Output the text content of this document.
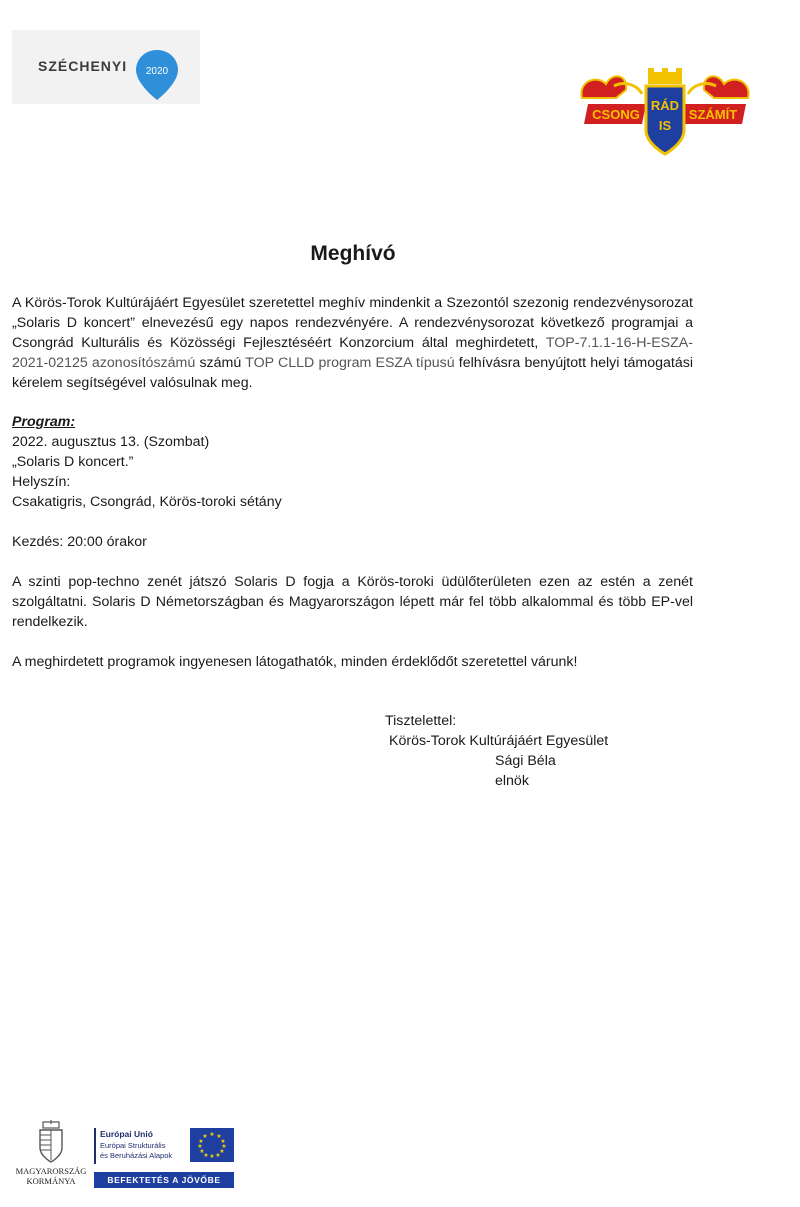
SZÉCHENYI 2020
CSONG
RÁD
IS
SZÁMÍT
Meghívó
A Körös-Torok Kultúrájáért Egyesület szeretettel meghív mindenkit a Szezontól szezonig rendezvénysorozat „Solaris D koncert” elnevezésű egy napos rendezvényére. A rendezvénysorozat következő programjai a Csongrád Kulturális és Közösségi Fejlesztéséért Konzorcium által meghirdetett, TOP-7.1.1-16-H-ESZA-2021-02125 azonosítószámú számú TOP CLLD program ESZA típusú felhívásra benyújtott helyi támogatási kérelem segítségével valósulnak meg.
Program:
2022. augusztus 13. (Szombat)
„Solaris D koncert.”
Helyszín:
Csakatigris, Csongrád, Körös-toroki sétány
Kezdés: 20:00 órakor
A szinti pop-techno zenét játszó Solaris D fogja a Körös-toroki üdülőterületen ezen az estén a zenét szolgáltatni. Solaris D Németországban és Magyarországon lépett már fel több alkalommal és több EP-vel rendelkezik.
A meghirdetett programok ingyenesen látogathatók, minden érdeklődőt szeretettel várunk!
Tisztelettel:
Körös-Torok Kultúrájáért Egyesület
Sági Béla
elnök
MAGYARORSZÁG
KORMÁNYA
Európai Unió
Európai Strukturális
és Beruházási Alapok
★ ★
★
★
★
★
★
★
★
★
★
★
BEFEKTETÉS A JÖVŐBE
